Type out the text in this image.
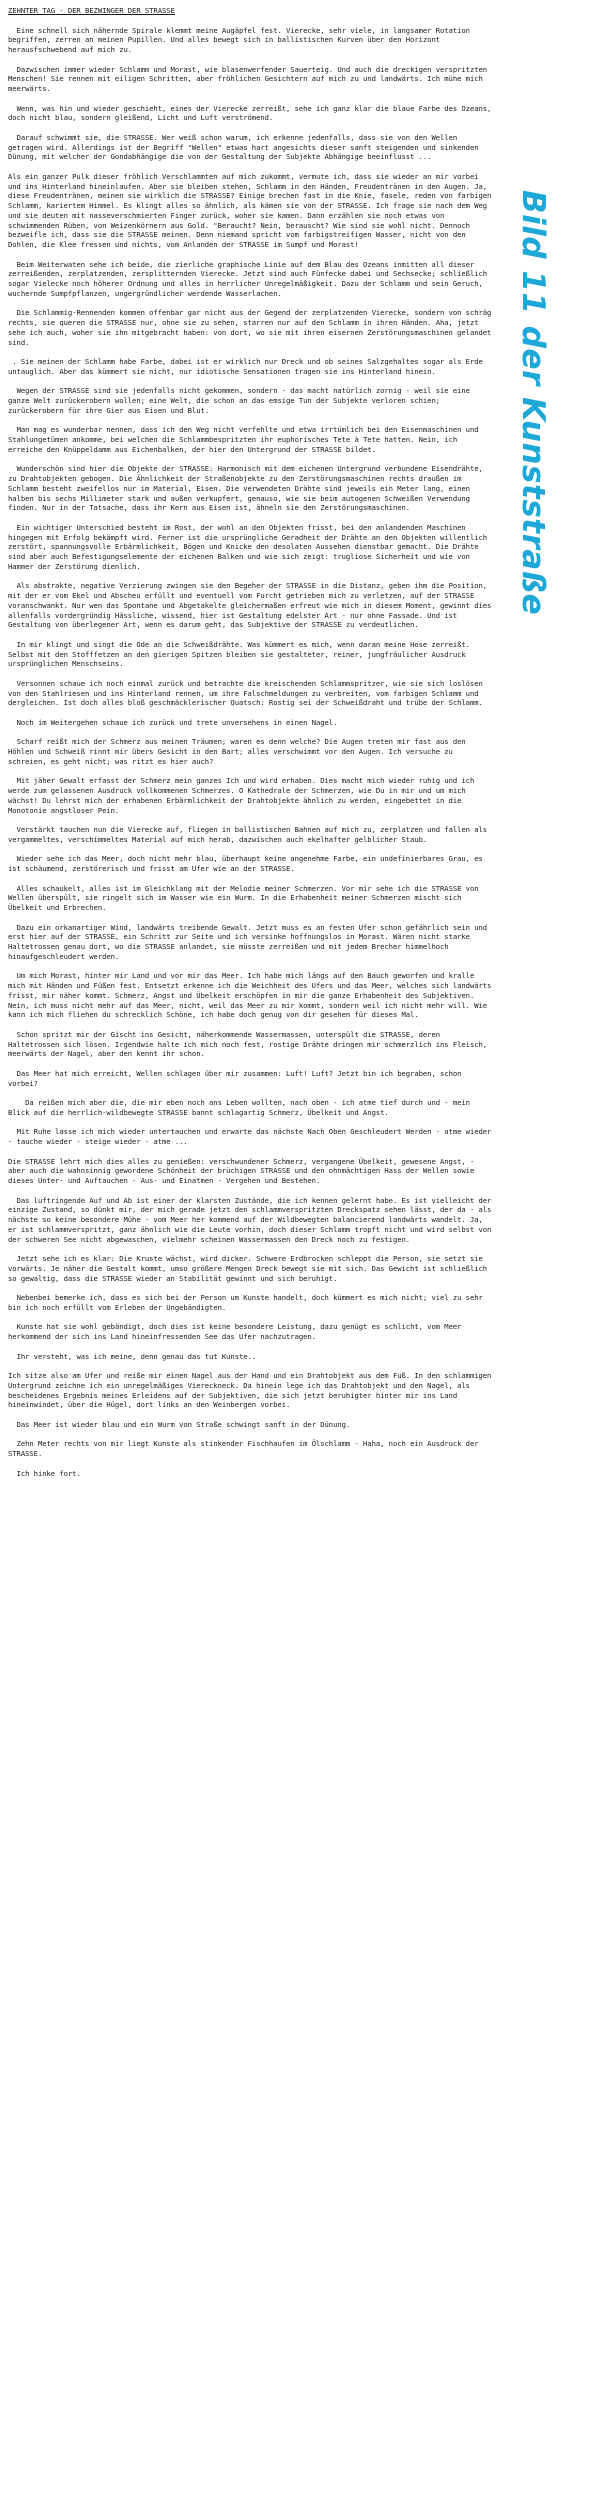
ZEHNTER TAG - DER BEZWINGER DER STRASSE

Eine schnell sich nähernde Spirale klemmt meine Augäpfel fest. Vierecke, sehr viele, in langsamer Rotation begriffen, zerren an meinen Pupillen. Und alles bewegt sich in ballistischen Kurven über den Horizont herausfschwebend auf mich zu.

Dazwischen immer wieder Schlamm und Morast, wie blasenwerfender Sauerteig. Und auch die dreckigen verspritzten Menschen! Sie rennen mit eiligen Schritten, aber fröhlichen Gesichtern auf mich zu und landwärts. Ich mühe mich meerwärts.

Wenn, was hin und wieder geschieht, eines der Vierecke zerreißt, sehe ich ganz klar die blaue Farbe des Ozeans, doch nicht blau, sondern gleißend, Licht und Luft verströmend.

Darauf schwimmt sie, die STRASSE. Wer weiß schon warum, ich erkenne jedenfalls, dass sie von den Wellen getragen wird. Allerdings ist der Begriff "Wellen" etwas hart angesichts dieser sanft steigenden und sinkenden Dünung, mit welcher der Gondabhängige die von der Gestaltung der Subjekte Abhängige beeinflusst ...

Als ein ganzer Pulk dieser fröhlich Verschlammten auf mich zukommt, vermute ich, dass sie wieder an mir vorbei und ins Hinterland hineinlaufen. Aber sie bleiben stehen, Schlamm in den Händen, Freudentränen in den Augen. Ja, diese Freudentränen, meinen sie wirklich die STRASSE? Einige brechen fast in die Knie, fasele, reden von farbigen Schlamm, kariertem Himmel. Es klingt alles so ähnlich, als kämen sie von der STRASSE. Ich frage sie nach dem Weg und sie deuten mit nasseverschmierten Finger zurück, woher sie kamen. Dann erzählen sie noch etwas von schwimmenden Rüben, von Weizenkörnern aus Gold. "Beraucht? Nein, berauscht? Wie sind sie wohl nicht. Dennoch bezweifle ich, dass sie die STRASSE meinen. Denn niemand spricht vom farbigstreifigen Wasser, nicht von den Dohlen, die Klee fressen und nichts, vom Anlanden der STRASSE im Sumpf und Morast!

Beim Weiterwaten sehe ich beide, die zierliche graphische Linie auf dem Blau des Ozeans inmitten all dieser zerreißenden, zerplatzenden, zersplitternden Vierecke. Jetzt sind auch Fünfecke dabei und Sechsecke; schließlich sogar Vielecke noch höherer Ordnung und alles in herrlicher Unregelmäßigkeit. Dazu der Schlamm und sein Geruch, wuchernde Sumpfpflanzen, ungergründlicher werdende Wasserlachen.

Die Schlammig-Rennenden kommen offenbar gar nicht aus der Gegend der zerplatzenden Vierecke, sondern von schräg rechts, sie queren die STRASSE nur, ohne sie zu sehen, starren nur auf den Schlamm in ihren Händen. Aha, jetzt sehe ich auch, woher sie ihn mitgebracht haben: von dort, wo sie mit ihren eisernen Zerstörungsmaschinen gelandet sind.

. Sie meinen der Schlamm habe Farbe, dabei ist er wirklich nur Dreck und ob seines Salzgehaltes sogar als Erde untauglich. Aber das kümmert sie nicht, nur idiotische Sensationen tragen sie ins Hinterland hinein.

Wegen der STRASSE sind sie jedenfalls nicht gekommen, sondern - das macht natürlich zornig - weil sie eine ganze Welt zurückerobern wollen; eine Welt, die schon an das emsige Tun der Subjekte verloren schien; zurückerobern für ihre Gier aus Eisen und Blut.

Man mag es wunderbar nennen, dass ich den Weg nicht verfehlte und etwa irrtümlich bei den Eisenmaschinen und Stahlungetümen ankomme, bei welchen die Schlammbespritzten ihr euphorisches Tete à Tete hatten. Nein, ich erreiche den Knüppeldamm aus Eichenbalken, der hier den Untergrund der STRASSE bildet.

Wunderschön sind hier die Objekte der STRASSE: Harmonisch mit dem eichenen Untergrund verbundene Eisendrähte, zu Drahtobjekten gebogen. Die Ähnlichkeit der Straßenobjekte zu den Zerstörungsmaschinen rechts draußen im Schlamm besteht zweifellos nur im Material, Eisen. Die verwendeten Drähte sind jeweils ein Meter lang, einen halben bis sechs Millimeter stark und außen verkupfert, genauso, wie sie beim autogenen Schweißen Verwendung finden. Nur in der Tatsache, dass ihr Kern aus Eisen ist, ähneln sie den Zerstörungsmaschinen.

Ein wichtiger Unterschied besteht im Rost, der wohl an den Objekten frisst, bei den anlandenden Maschinen hingegen mit Erfolg bekämpft wird. Ferner ist die ursprüngliche Geradheit der Drähte an den Objekten willentlich zerstört, spannungsvolle Erbärmlichkeit, Bögen und Knicke den desolaten Aussehen dienstbar gemacht. Die Drähte sind aber auch Befestigungselemente der eichenen Balken und wie sich zeigt: trugliose Sicherheit und wie von Hammer der Zerstörung dienlich.

Als abstrakte, negative Verzierung zwingen sie den Begeher der STRASSE in die Distanz, geben ihm die Position, mit der er vom Ekel und Abscheu erfüllt und eventuell vom Furcht getrieben mich zu verletzen, auf der STRASSE voranschwankt. Nur wen das Spontane und Abgetakelte gleichermaßen erfreut wie mich in diesem Moment, gewinnt dies allenfalls vordergründig Hässliche, wissend, hier ist Gestaltung edelster Art - nur ohne Fassade. Und ist Gestaltung von überlegener Art, wenn es darum geht, das Subjektive der STRASSE zu verdeutlichen.

In mir klingt und singt die Ode an die Schweißdrähte. Was kümmert es mich, wenn daran meine Hose zerreißt. Selbst mit den Stofffetzen an den gierigen Spitzen bleiben sie gestalteter, reiner, jungfräulicher Ausdruck ursprünglichen Menschseins.

Versonnen schaue ich noch einmal zurück und betrachte die kreischenden Schlammspritzer, wie sie sich loslösen von den Stahlriesen und ins Hinterland rennen, um ihre Falschmeldungen zu verbreiten, vom farbigen Schlamm und dergleichen. Ist doch alles bloß geschmäcklerischer Quatsch: Rostig sei der Schweißdraht und trübe der Schlamm.

Noch im Weitergehen schaue ich zurück und trete unversehens in einen Nagel.

Scharf reißt mich der Schmerz aus meinen Träumen; waren es denn welche? Die Augen treten mir fast aus den Höhlen und Schweiß rinnt mir übers Gesicht in den Bart; alles verschwimmt vor den Augen. Ich versuche zu schreien, es geht nicht; was ritzt es hier auch?

Mit jäher Gewalt erfasst der Schmerz mein ganzes Ich und wird erhaben. Dies macht mich wieder ruhig und ich werde zum gelassenen Ausdruck vollkommenen Schmerzes. O Kathedrale der Schmerzen, wie Du in mir und um mich wächst! Du lehrst mich der erhabenen Erbärmlichkeit der Drahtobjekte ähnlich zu werden, eingebettet in die Monotonie angstloser Pein.

Verstärkt tauchen nun die Vierecke auf, fliegen in ballistischen Bahnen auf mich zu, zerplatzen und fallen als vergammeltes, verschimmeltes Material auf mich herab, dazwischen auch ekelhafter gelblicher Staub.

Wieder sehe ich das Meer, doch nicht mehr blau, überhaupt keine angenehme Farbe, ein undefinierbares Grau, es ist schäumend, zerstörerisch und frisst am Ufer wie an der STRASSE.

Alles schaukelt, alles ist im Gleichklang mit der Melodie meiner Schmerzen. Vor mir sehe ich die STRASSE von Wellen überspült, sie ringelt sich im Wasser wie ein Wurm. In die Erhabenheit meiner Schmerzen mischt sich Übelkeit und Erbrechen.

Dazu ein orkanartiger Wind, landwärts treibende Gewalt. Jetzt muss es an festen Ufer schon gefährlich sein und erst hier auf der STRASSE, ein Schritt zur Seite und ich versinke hoffnungslos in Morast. Wären nicht starke Haltetrossen genau dort, wo die STRASSE anlandet, sie müsste zerreißen und mit jedem Brecher himmelhoch hinaufgeschleudert werden.

Um mich Morast, hinter mir Land und vor mir das Meer. Ich habe mich längs auf den Bauch geworfen und kralle mich mit Händen und Füßen fest. Entsetzt erkenne ich die Weichheit des Ufers und das Meer, welches sich landwärts frisst, mir näher kommt. Schmerz, Angst und Übelkeit erschöpfen in mir die ganze Erhabenheit des Subjektiven. Nein, ich muss nicht mehr auf das Meer, nicht, weil das Meer zu mir kommt, sondern weil ich nicht mehr will. Wie kann ich mich fliehen du schrecklich Schöne, ich habe doch genug von dir gesehen für dieses Mal.

Schon spritzt mir der Gischt ins Gesicht, näherkommende Wassermassen, unterspült die STRASSE, deren Haltetrossen sich lösen. Irgendwie halte ich mich noch fest, rostige Drähte dringen mir schmerzlich ins Fleisch, meerwärts der Nagel, aber den kennt ihr schon.

Das Meer hat mich erreicht, Wellen schlagen über mir zusammen: Luft! Luft? Jetzt bin ich begraben, schon vorbei?

Da reißen mich aber die, die mir eben noch ans Leben wollten, nach oben - ich atme tief durch und - mein Blick auf die herrlich-wildbewegte STRASSE bannt schlagartig Schmerz, Übelkeit und Angst.

Mit Ruhe lasse ich mich wieder untertauchen und erwarte das nächste Nach Oben Geschleudert Werden - atme wieder - tauche wieder - steige wieder - atme ...

Die STRASSE lehrt mich dies alles zu genießen: verschwundener Schmerz, vergangene Übelkeit, gewesene Angst, - aber auch die wahnsinnig gewordene Schönheit der brüchigen STRASSE und den ohnmächtigen Hass der Wellen sowie dieses Unter- und Auftauchen - Aus- und Einatmen - Vergehen und Bestehen.

Das luftringende Auf und Ab ist einer der klarsten Zustände, die ich kennen gelernt habe. Es ist vielleicht der einzige Zustand, so dünkt mir, der mich gerade jetzt den schlammverspritzten Dreckspatz sehen lässt, der da - als nächste so keine besondere Mühe - vom Meer her kommend auf der Wildbewegten balancierend landwärts wandelt. Ja, er ist schlammverspritzt, ganz ähnlich wie die Leute vorhin, doch dieser Schlamm tropft nicht und wird selbst von der schweren See nicht abgewaschen, vielmehr scheinen Wassermassen den Dreck noch zu festigen.

Jetzt sehe ich es klar: Die Kruste wächst, wird dicker. Schwere Erdbrocken schleppt die Person, sie setzt sie vorwärts. Je näher die Gestalt kommt, umso größere Mengen Dreck bewegt sie mit sich. Das Gewicht ist schließlich so gewaltig, dass die STRASSE wieder an Stabilität gewinnt und sich beruhigt.

Nebenbei bemerke ich, dass es sich bei der Person um Kunste handelt, doch kümmert es mich nicht; viel zu sehr bin ich noch erfüllt vom Erleben der Ungebändigten.

Kunste hat sie wohl gebändigt, doch dies ist keine besondere Leistung, dazu genügt es schlicht, vom Meer herkommend der sich ins Land hineinfressenden See das Ufer nachzutragen.

Ihr versteht, was ich meine, denn genau das tut Kunste..

Ich sitze also am Ufer und reiße mir einen Nagel aus der Hand und ein Drahtobjekt aus dem Fuß. In den schlammigen Untergrund zeichne ich ein unregelmäßiges Viereckneck. Da hinein lege ich das Drahtobjekt und den Nagel, als bescheidenes Ergebnis meines Erleidens auf der Subjektiven, die sich jetzt beruhigter hinter mir ins Land hineinwindet, über die Hügel, dort links an den Weinbergen vorbei.

Das Meer ist wieder blau und ein Wurm von Straße schwingt sanft in der Dünung.

Zehn Meter rechts von mir liegt Kunste als stinkender Fischhaufen im Ölschlamm - Haha, noch ein Ausdruck der STRASSE.

Ich hinke fort.

Bild 11 der Kunststraße
